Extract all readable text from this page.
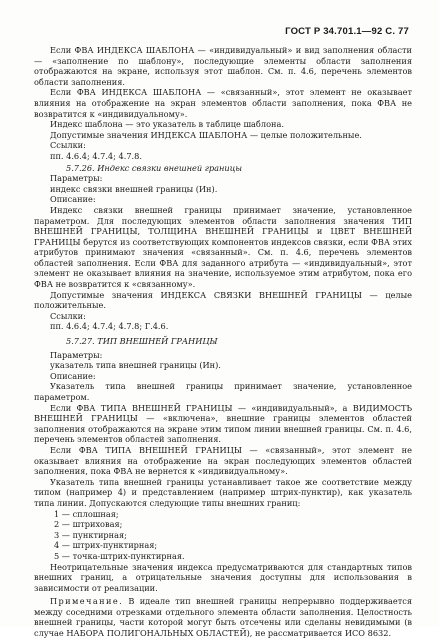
ГОСТ Р 34.701.1—92 С. 77

Если ФВА ИНДЕКСА ШАБЛОНА — «индивидуальный» и вид заполнения области — «заполнение по шаблону», последующие элементы области заполнения отображаются на экране, используя этот шаблон. См. п. 4.6, перечень элементов области заполнения.

Если ФВА ИНДЕКСА ШАБЛОНА — «связанный», этот элемент не оказывает влияния на отображение на экран элементов области заполнения, пока ФВА не возвратится к «индивидуальному».

Индекс шаблона — это указатель в таблице шаблона.

Допустимые значения ИНДЕКСА ШАБЛОНА — целые положительные.

Ссылки:

пп. 4.6.4; 4.7.4; 4.7.8.

5.7.26. Индекс связки внешней границы

Параметры:

индекс связки внешней границы (Ин).

Описание:

Индекс связки внешней границы принимает значение, установленное параметром. Для последующих элементов области заполнения значения ТИП ВНЕШНЕЙ ГРАНИЦЫ, ТОЛЩИНА ВНЕШНЕЙ ГРАНИЦЫ и ЦВЕТ ВНЕШНЕЙ ГРАНИЦЫ берутся из соответствующих компонентов индексов связки, если ФВА этих атрибутов принимают значения «связанный». См. п. 4.6, перечень элементов областей заполнения. Если ФВА для заданного атрибута — «индивидуальный», этот элемент не оказывает влияния на значение, используемое этим атрибутом, пока его ФВА не возвратится к «связанному».

Допустимые значения ИНДЕКСА СВЯЗКИ ВНЕШНЕЙ ГРАНИЦЫ — целые положительные.

Ссылки:

пп. 4.6.4; 4.7.4; 4.7.8; Г.4.6.

5.7.27. ТИП ВНЕШНЕЙ ГРАНИЦЫ

Параметры:

указатель типа внешней границы (Ин).

Описание:

Указатель типа внешней границы принимает значение, установленное параметром.

Если ФВА ТИПА ВНЕШНЕЙ ГРАНИЦЫ — «индивидуальный», а ВИДИМОСТЬ ВНЕШНЕЙ ГРАНИЦЫ — «включена», внешние границы элементов областей заполнения отображаются на экране этим типом линии внешней границы. См. п. 4.6, перечень элементов областей заполнения.

Если ФВА ТИПА ВНЕШНЕЙ ГРАНИЦЫ — «связанный», этот элемент не оказывает влияния на отображение на экран последующих элементов областей заполнения, пока ФВА не вернется к «индивидуальному».

Указатель типа внешней границы устанавливает такое же соответствие между типом (например 4) и представлением (например штрих-пунктир), как указатель типа линии. Допускаются следующие типы внешних границ:

1 — сплошная;

2 — штриховая;

3 — пунктирная;

4 — штрих-пунктирная;

5 — точка-штрих-пунктирная.

Неотрицательные значения индекса предусматриваются для стандартных типов внешних границ, а отрицательные значения доступны для использования в зависимости от реализации.

Примечание. В идеале тип внешней границы непрерывно поддерживается между соседними отрезками отдельного элемента области заполнения. Целостность внешней границы, части которой могут быть отсечены или сделаны невидимыми (в случае НАБОРА ПОЛИГОНАЛЬНЫХ ОБЛАСТЕЙ), не рассматривается ИСО 8632.
